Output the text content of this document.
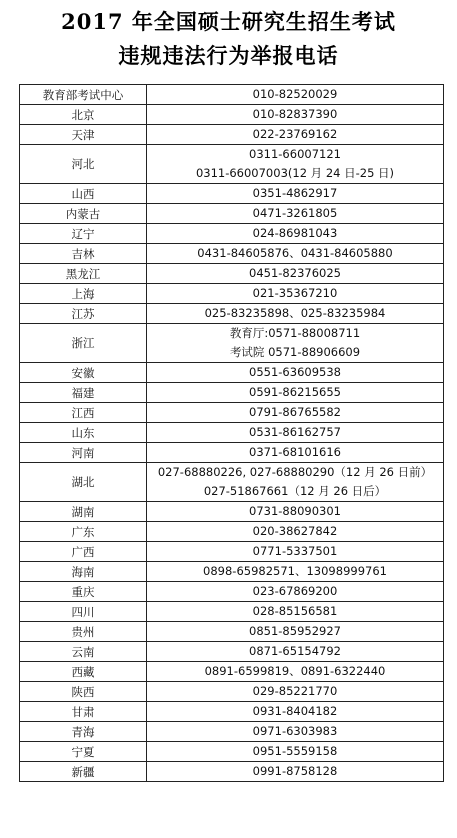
2017 年全国硕士研究生招生考试
违规违法行为举报电话
教育部考试中心	010-82520029

北京	010-82837390

天津	022-23769162

河北	0311-66007121
0311-66007003(12 月 24 日-25 日)

山西	0351-4862917

内蒙古	0471-3261805

辽宁	024-86981043

吉林	0431-84605876、0431-84605880

黑龙江	0451-82376025

上海	021-35367210

江苏	025-83235898、025-83235984

浙江	教育厅:0571-88008711
考试院 0571-88906609

安徽	0551-63609538

福建	0591-86215655

江西	0791-86765582

山东	0531-86162757

河南	0371-68101616

湖北	027-68880226, 027-68880290（12 月 26 日前）
027-51867661（12 月 26 日后）

湖南	0731-88090301

广东	020-38627842

广西	0771-5337501

海南	0898-65982571、13098999761

重庆	023-67869200

四川	028-85156581

贵州	0851-85952927

云南	0871-65154792

西藏	0891-6599819、0891-6322440

陕西	029-85221770

甘肃	0931-8404182

青海	0971-6303983

宁夏	0951-5559158

新疆	0991-8758128
